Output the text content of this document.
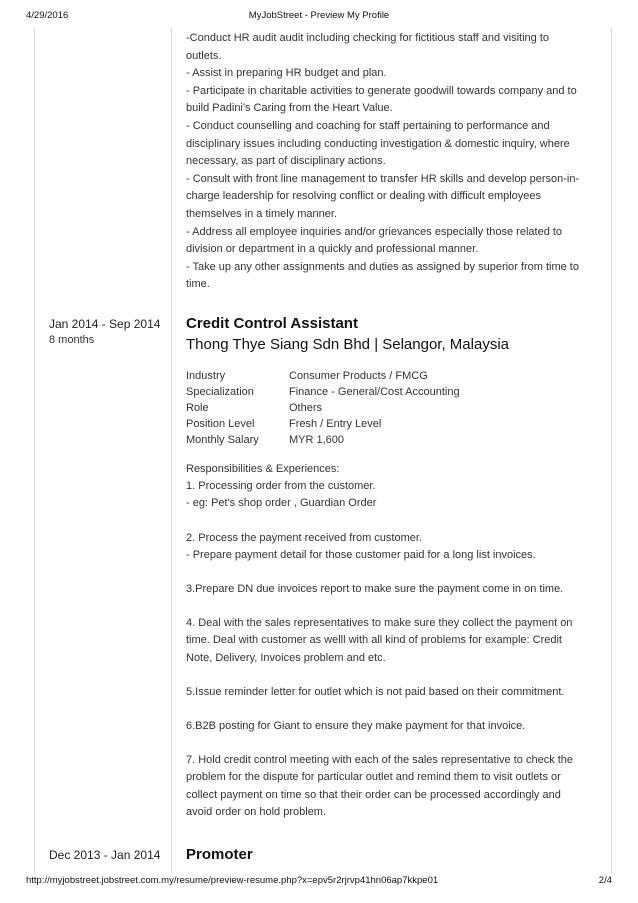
4/29/2016	MyJobStreet - Preview My Profile

-Conduct HR audit audit including checking for fictitious staff and visiting to

outlets.

- Assist in preparing HR budget and plan.

- Participate in charitable activities to generate goodwill towards company and to

build Padini's Caring from the Heart Value.

- Conduct counselling and coaching for staff pertaining to performance and

disciplinary issues including conducting investigation & domestic inquiry, where

necessary, as part of disciplinary actions.

- Consult with front line management to transfer HR skills and develop person-in-

charge leadership for resolving conflict or dealing with difficult employees

themselves in a timely manner.

- Address all employee inquiries and/or grievances especially those related to

division or department in a quickly and professional manner.

- Take up any other assignments and duties as assigned by superior from time to

time.

Jan 2014 - Sep 2014
8 months
Credit Control Assistant
Thong Thye Siang Sdn Bhd | Selangor, Malaysia
Industry	Consumer Products / FMCG
Specialization	Finance - General/Cost Accounting
Role	Others
Position Level	Fresh / Entry Level
Monthly Salary	MYR 1,600

Responsibilities & Experiences:

1. Processing order from the customer.

- eg: Pet's shop order , Guardian Order

2. Process the payment received from customer.

- Prepare payment detail for those customer paid for a long list invoices.

3.Prepare DN due invoices report to make sure the payment come in on time.

4. Deal with the sales representatives to make sure they collect the payment on

time. Deal with customer as welll with all kind of problems for example: Credit

Note, Delivery, Invoices problem and etc.

5.Issue reminder letter for outlet which is not paid based on their commitment.

6.B2B posting for Giant to ensure they make payment for that invoice.

7. Hold credit control meeting with each of the sales representative to check the

problem for the dispute for particular outlet and remind them to visit outlets or

collect payment on time so that their order can be processed accordingly and

avoid order on hold problem.

Dec 2013 - Jan 2014 Promoter
http://myjobstreet.jobstreet.com.my/resume/preview-resume.php?x=epv5r2rjrvp41hn06ap7kkpe01	2/4
